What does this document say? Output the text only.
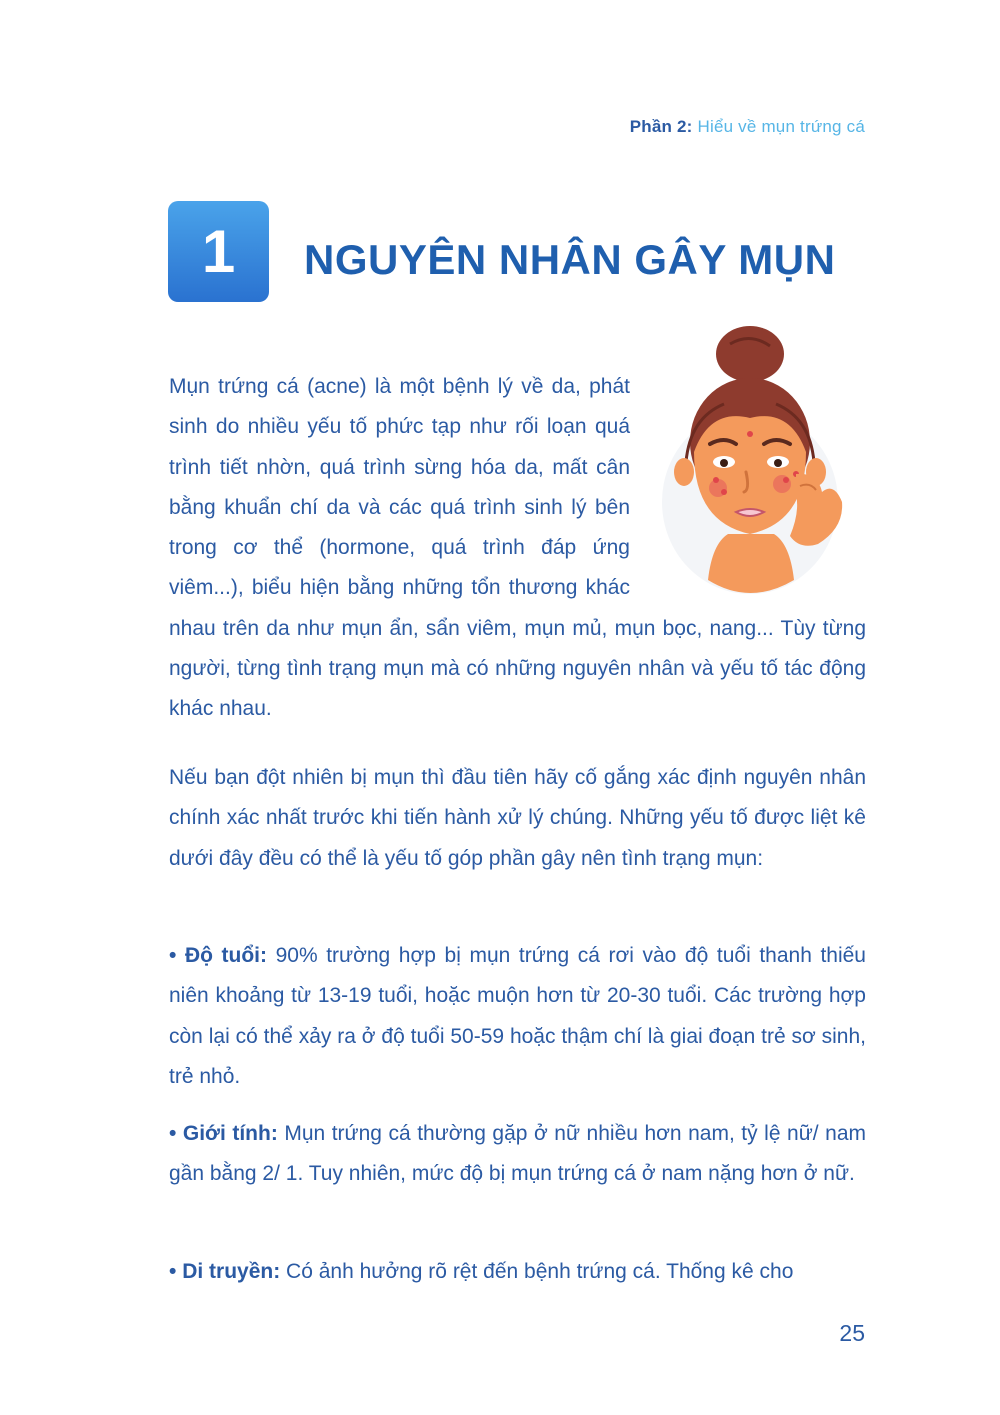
Phần 2: Hiểu về mụn trứng cá
1	NGUYÊN NHÂN GÂY MỤN

Mụn trứng cá (acne) là một bệnh lý về da, phát sinh do nhiều yếu tố phức tạp như rối loạn quá trình tiết nhờn, quá trình sừng hóa da, mất cân bằng khuẩn chí da và các quá trình sinh lý bên trong cơ thể (hormone, quá trình đáp ứng viêm...), biểu hiện bằng những tổn thương khác nhau trên da như mụn ẩn, sẩn viêm, mụn mủ, mụn bọc, nang... Tùy từng người, từng tình trạng mụn mà có những nguyên nhân và yếu tố tác động khác nhau.

Nếu bạn đột nhiên bị mụn thì đầu tiên hãy cố gắng xác định nguyên nhân chính xác nhất trước khi tiến hành xử lý chúng. Những yếu tố được liệt kê dưới đây đều có thể là yếu tố góp phần gây nên tình trạng mụn:

• Độ tuổi: 90% trường hợp bị mụn trứng cá rơi vào độ tuổi thanh thiếu niên khoảng từ 13-19 tuổi, hoặc muộn hơn từ 20-30 tuổi. Các trường hợp còn lại có thể xảy ra ở độ tuổi 50-59 hoặc thậm chí là giai đoạn trẻ sơ sinh, trẻ nhỏ.

• Giới tính: Mụn trứng cá thường gặp ở nữ nhiều hơn nam, tỷ lệ nữ/ nam gần bằng 2/ 1. Tuy nhiên, mức độ bị mụn trứng cá ở nam nặng hơn ở nữ.

• Di truyền: Có ảnh hưởng rõ rệt đến bệnh trứng cá. Thống kê cho

25
